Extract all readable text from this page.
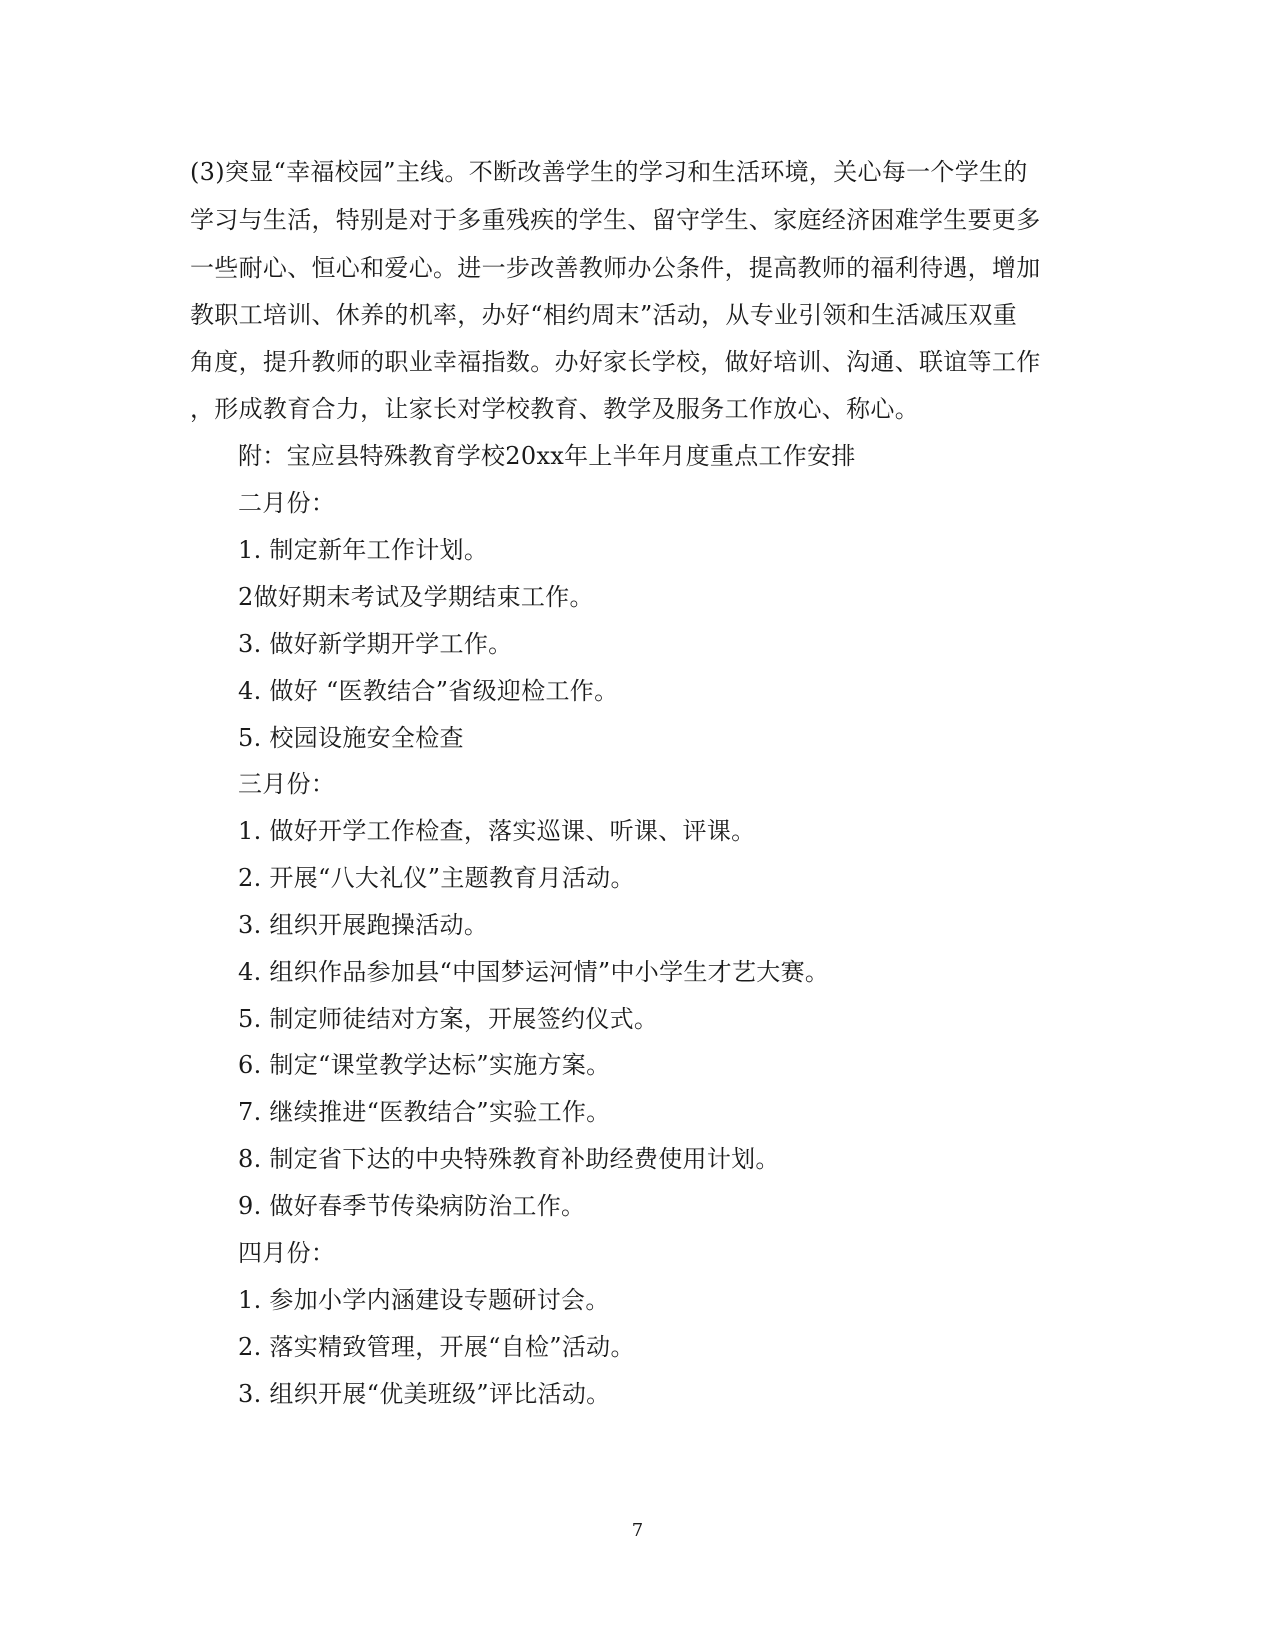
(3)突显“幸福校园”主线。不断改善学生的学习和生活环境，关心每一个学生的
学习与生活，特别是对于多重残疾的学生、留守学生、家庭经济困难学生要更多
一些耐心、恒心和爱心。进一步改善教师办公条件，提高教师的福利待遇，增加
教职工培训、休养的机率，办好“相约周末”活动，从专业引领和生活减压双重
角度，提升教师的职业幸福指数。办好家长学校，做好培训、沟通、联谊等工作
，形成教育合力，让家长对学校教育、教学及服务工作放心、称心。
附：宝应县特殊教育学校20xx年上半年月度重点工作安排
二月份：
1. 制定新年工作计划。
2做好期末考试及学期结束工作。
3. 做好新学期开学工作。
4. 做好 “医教结合”省级迎检工作。
5. 校园设施安全检查
三月份：
1. 做好开学工作检查，落实巡课、听课、评课。
2. 开展“八大礼仪”主题教育月活动。
3. 组织开展跑操活动。
4. 组织作品参加县“中国梦运河情”中小学生才艺大赛。
5. 制定师徒结对方案，开展签约仪式。
6. 制定“课堂教学达标”实施方案。
7. 继续推进“医教结合”实验工作。
8. 制定省下达的中央特殊教育补助经费使用计划。
9. 做好春季节传染病防治工作。
四月份：
1. 参加小学内涵建设专题研讨会。
2. 落实精致管理，开展“自检”活动。
3. 组织开展“优美班级”评比活动。
7
